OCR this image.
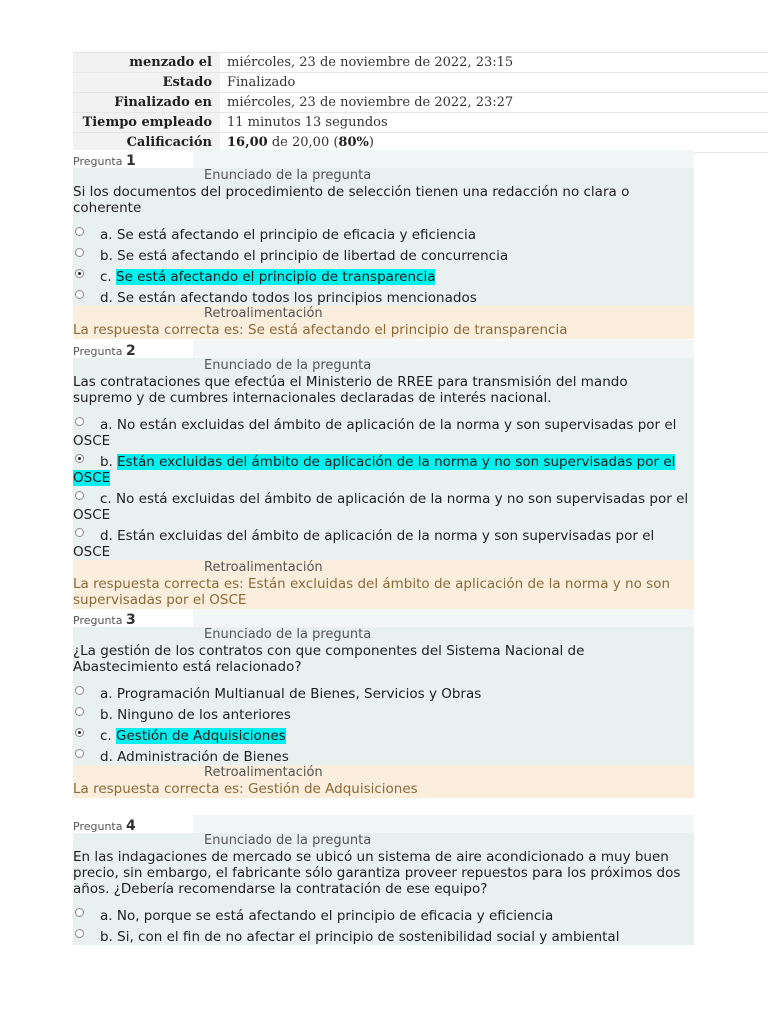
menzado el	miércoles, 23 de noviembre de 2022, 23:15
Estado	Finalizado
Finalizado en	miércoles, 23 de noviembre de 2022, 23:27
Tiempo empleado	11 minutos 13 segundos
Calificación	16,00 de 20,00 (80%)
Pregunta 1
Enunciado de la pregunta
Si los documentos del procedimiento de selección tienen una redacción no clara o coherente
a. Se está afectando el principio de eficacia y eficiencia
b. Se está afectando el principio de libertad de concurrencia
c. Se está afectando el principio de transparencia
d. Se están afectando todos los principios mencionados
Retroalimentación
La respuesta correcta es: Se está afectando el principio de transparencia
Pregunta 2
Enunciado de la pregunta
Las contrataciones que efectúa el Ministerio de RREE para transmisión del mando supremo y de cumbres internacionales declaradas de interés nacional.
a. No están excluidas del ámbito de aplicación de la norma y son supervisadas por el OSCE
b. Están excluidas del ámbito de aplicación de la norma y no son supervisadas por el OSCE
c. No está excluidas del ámbito de aplicación de la norma y no son supervisadas por el OSCE
d. Están excluidas del ámbito de aplicación de la norma y son supervisadas por el OSCE
Retroalimentación
La respuesta correcta es: Están excluidas del ámbito de aplicación de la norma y no son supervisadas por el OSCE
Pregunta 3
Enunciado de la pregunta
¿La gestión de los contratos con que componentes del Sistema Nacional de Abastecimiento está relacionado?
a. Programación Multianual de Bienes, Servicios y Obras
b. Ninguno de los anteriores
c. Gestión de Adquisiciones
d. Administración de Bienes
Retroalimentación
La respuesta correcta es: Gestión de Adquisiciones
Pregunta 4
Enunciado de la pregunta
En las indagaciones de mercado se ubicó un sistema de aire acondicionado a muy buen precio, sin embargo, el fabricante sólo garantiza proveer repuestos para los próximos dos años. ¿Debería recomendarse la contratación de ese equipo?
a. No, porque se está afectando el principio de eficacia y eficiencia
b. Si, con el fin de no afectar el principio de sostenibilidad social y ambiental
